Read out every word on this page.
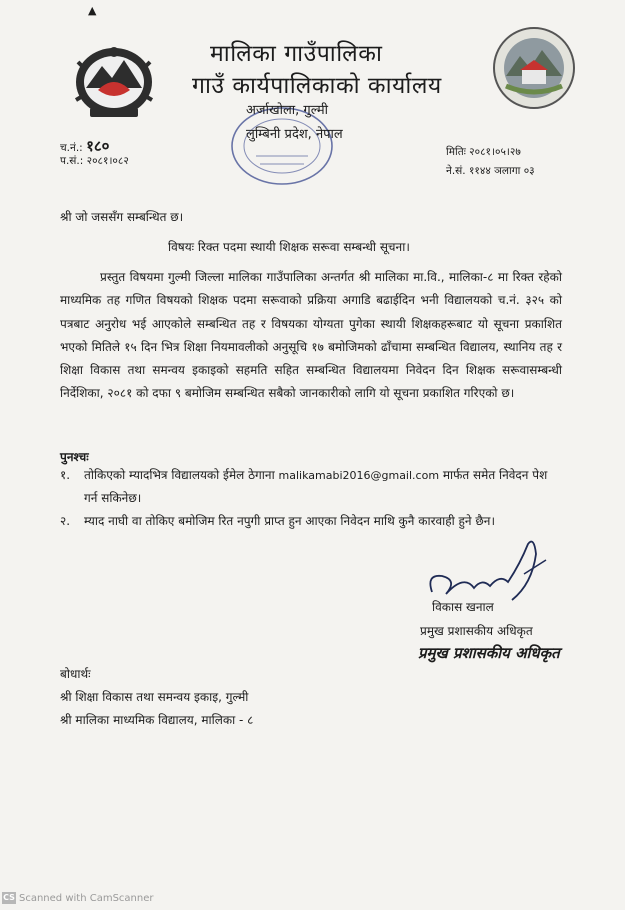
▲
मालिका गाउँपालिका
गाउँ कार्यपालिकाको कार्यालय
अर्जाखोला, गुल्मी
लुम्बिनी प्रदेश, नेपाल
च.नं.: १८०
प.सं.: २०८१।०८२
मितिः २०८१।०५।२७
ने.सं. ११४४ ञलागा ०३
श्री जो जससँग सम्बन्धित छ।
विषयः रिक्त पदमा स्थायी शिक्षक सरूवा सम्बन्धी सूचना।

प्रस्तुत विषयमा गुल्मी जिल्ला मालिका गाउँपालिका अन्तर्गत श्री मालिका मा.वि., मालिका-८ मा रिक्त रहेको माध्यमिक तह गणित विषयको शिक्षक पदमा सरूवाको प्रक्रिया अगाडि बढाईदिन भनी विद्यालयको च.नं. ३२५ को पत्रबाट अनुरोध भई आएकोले सम्बन्धित तह र विषयका योग्यता पुगेका स्थायी शिक्षकहरूबाट यो सूचना प्रकाशित भएको मितिले १५ दिन भित्र शिक्षा नियमावलीको अनुसूचि १७ बमोजिमको ढाँचामा सम्बन्धित विद्यालय, स्थानिय तह र शिक्षा विकास तथा समन्वय इकाइको सहमति सहित सम्बन्धित विद्यालयमा निवेदन दिन शिक्षक सरूवासम्बन्धी निर्देशिका, २०८१ को दफा ९ बमोजिम सम्बन्धित सबैको जानकारीको लागि यो सूचना प्रकाशित गरिएको छ।

पुनश्चः
१. तोकिएको म्यादभित्र विद्यालयको ईमेल ठेगाना malikamabi2016@gmail.com मार्फत समेत निवेदन पेश गर्न सकिनेछ।
२. म्याद नाघी वा तोकिए बमोजिम रित नपुगी प्राप्त हुन आएका निवेदन माथि कुनै कारवाही हुने छैन।
विकास खनाल
प्रमुख प्रशासकीय अधिकृत
प्रमुख प्रशासकीय अधिकृत
बोधार्थः
श्री शिक्षा विकास तथा समन्वय इकाइ, गुल्मी
श्री मालिका माध्यमिक विद्यालय, मालिका - ८
CS Scanned with CamScanner
